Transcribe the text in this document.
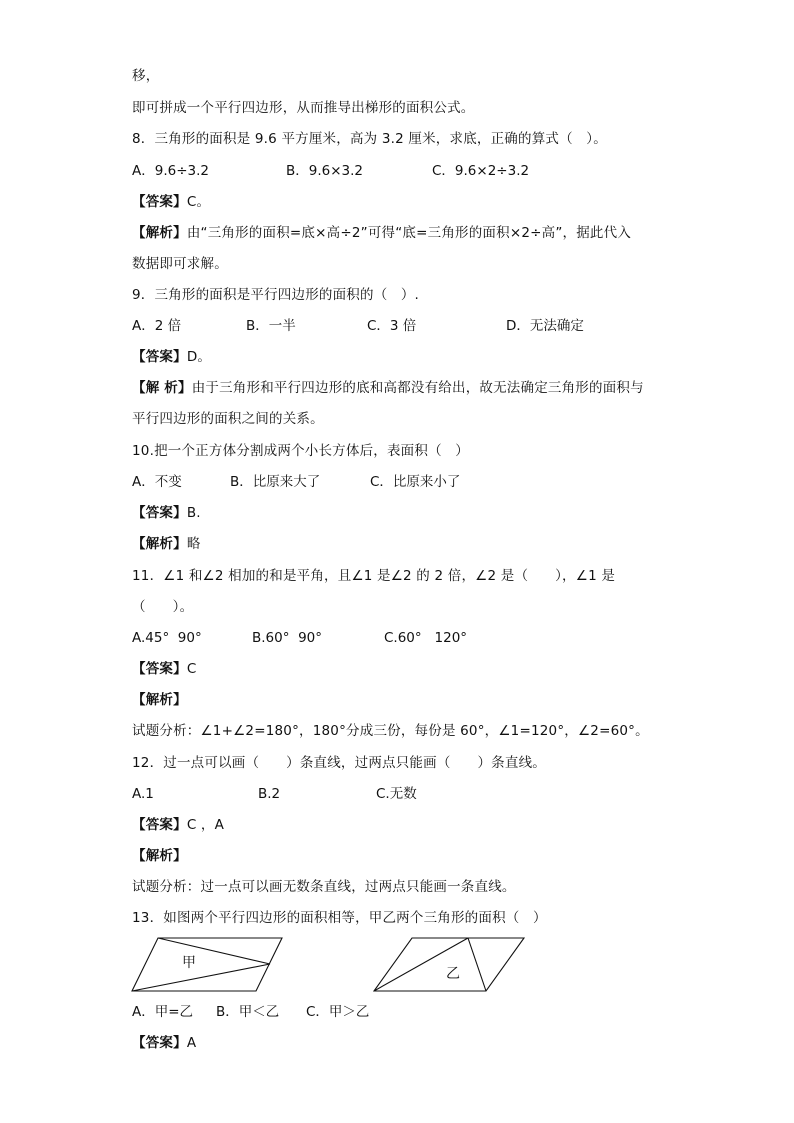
移，
即可拼成一个平行四边形，从而推导出梯形的面积公式。
8．三角形的面积是 9.6 平方厘米，高为 3.2 厘米，求底，正确的算式（   ）。

A．9.6÷3.2

	B．9.6×3.2

	C．9.6×2÷3.2

【答案】C。
【解析】由“三角形的面积=底×高÷2”可得“底=三角形的面积×2÷高”，据此代入
数据即可求解。
9．三角形的面积是平行四边形的面积的（   ）.

A．2 倍

	B．一半

	C．3 倍

	D．无法确定

【答案】D。
【解 析】由于三角形和平行四边形的底和高都没有给出，故无法确定三角形的面积与
平行四边形的面积之间的关系。
10.把一个正方体分割成两个小长方体后，表面积（   ）

A．不变

	B．比原来大了

	C．比原来小了

【答案】B.
【解析】略
11．∠1 和∠2 相加的和是平角，且∠1 是∠2 的 2 倍，∠2 是（      ），∠1 是
（      ）。

A.45°  90°

	B.60°  90°

	C.60°   120°

【答案】C
【解析】
试题分析：∠1+∠2=180°，180°分成三份，每份是 60°，∠1=120°，∠2=60°。
12．过一点可以画（      ）条直线，过两点只能画（      ）条直线。

A.1

	B.2

	C.无数

【答案】C ，A
【解析】
试题分析：过一点可以画无数条直线，过两点只能画一条直线。
13．如图两个平行四边形的面积相等，甲乙两个三角形的面积（   ）
甲
乙

A．甲=乙

B．甲＜乙

C．甲＞乙

【答案】A
